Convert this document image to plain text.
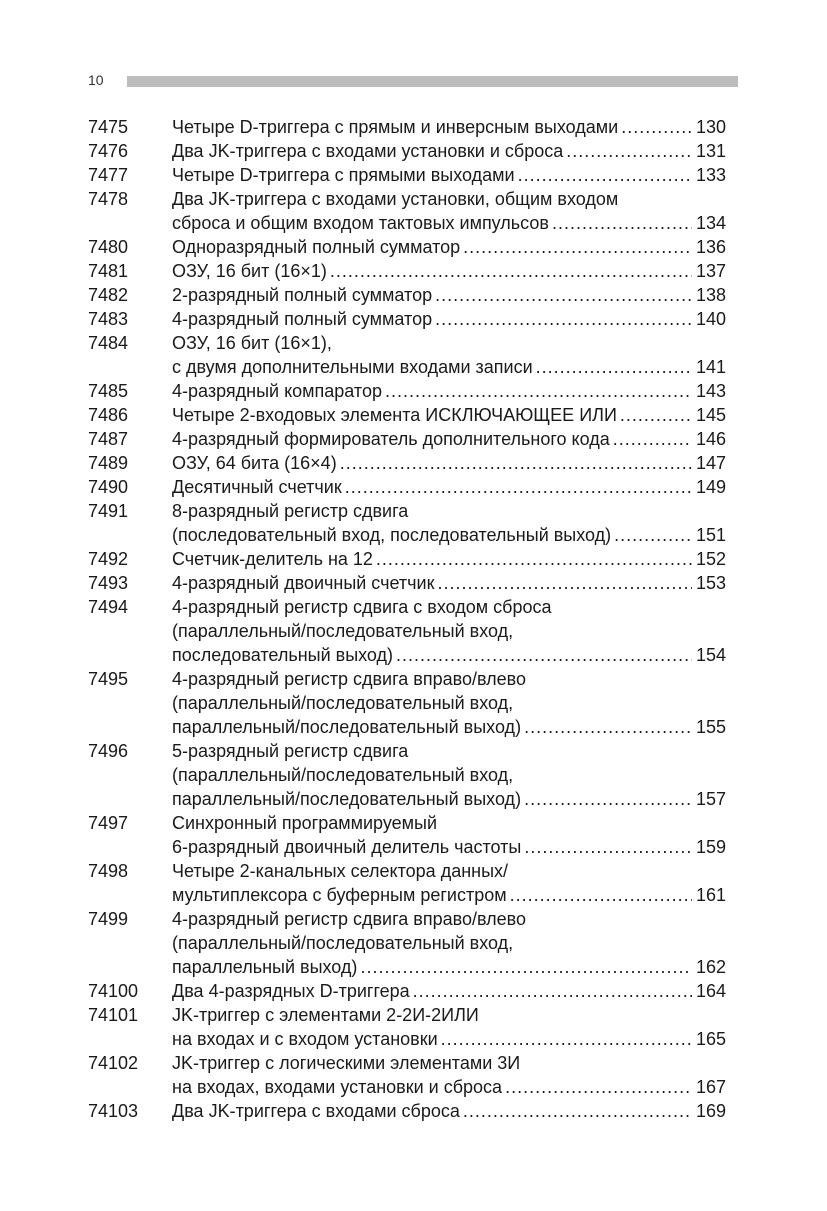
10
7475	Четыре D-триггера с прямым и инверсным выходами .....	130
7476	Два JK-триггера с входами установки и сброса .....	131
7477	Четыре D-триггера с прямыми выходами .....	133
7478	Два JK-триггера с входами установки, общим входом
сброса и общим входом тактовых импульсов .....	134
7480	Одноразрядный полный сумматор .....	136
7481	ОЗУ, 16 бит (16×1) .....	137
7482	2-разрядный полный сумматор .....	138
7483	4-разрядный полный сумматор .....	140
7484	ОЗУ, 16 бит (16×1),
с двумя дополнительными входами записи .....	141
7485	4-разрядный компаратор .....	143
7486	Четыре 2-входовых элемента ИСКЛЮЧАЮЩЕЕ ИЛИ .....	145
7487	4-разрядный формирователь дополнительного кода .....	146
7489	ОЗУ, 64 бита (16×4) .....	147
7490	Десятичный счетчик .....	149
7491	8-разрядный регистр сдвига
(последовательный вход, последовательный выход) .....	151
7492	Счетчик-делитель на 12 .....	152
7493	4-разрядный двоичный счетчик .....	153
7494	4-разрядный регистр сдвига с входом сброса
(параллельный/последовательный вход,
последовательный выход) .....	154
7495	4-разрядный регистр сдвига вправо/влево
(параллельный/последовательный вход,
параллельный/последовательный выход) .....	155
7496	5-разрядный регистр сдвига
(параллельный/последовательный вход,
параллельный/последовательный выход) .....	157
7497	Синхронный программируемый
6-разрядный двоичный делитель частоты .....	159
7498	Четыре 2-канальных селектора данных/
мультиплексора с буферным регистром .....	161
7499	4-разрядный регистр сдвига вправо/влево
(параллельный/последовательный вход,
параллельный выход) .....	162
74100	Два 4-разрядных D-триггера .....	164
74101	JK-триггер с элементами 2-2И-2ИЛИ
на входах и с входом установки .....	165
74102	JK-триггер с логическими элементами 3И
на входах, входами установки и сброса .....	167
74103	Два JK-триггера с входами сброса .....	169
